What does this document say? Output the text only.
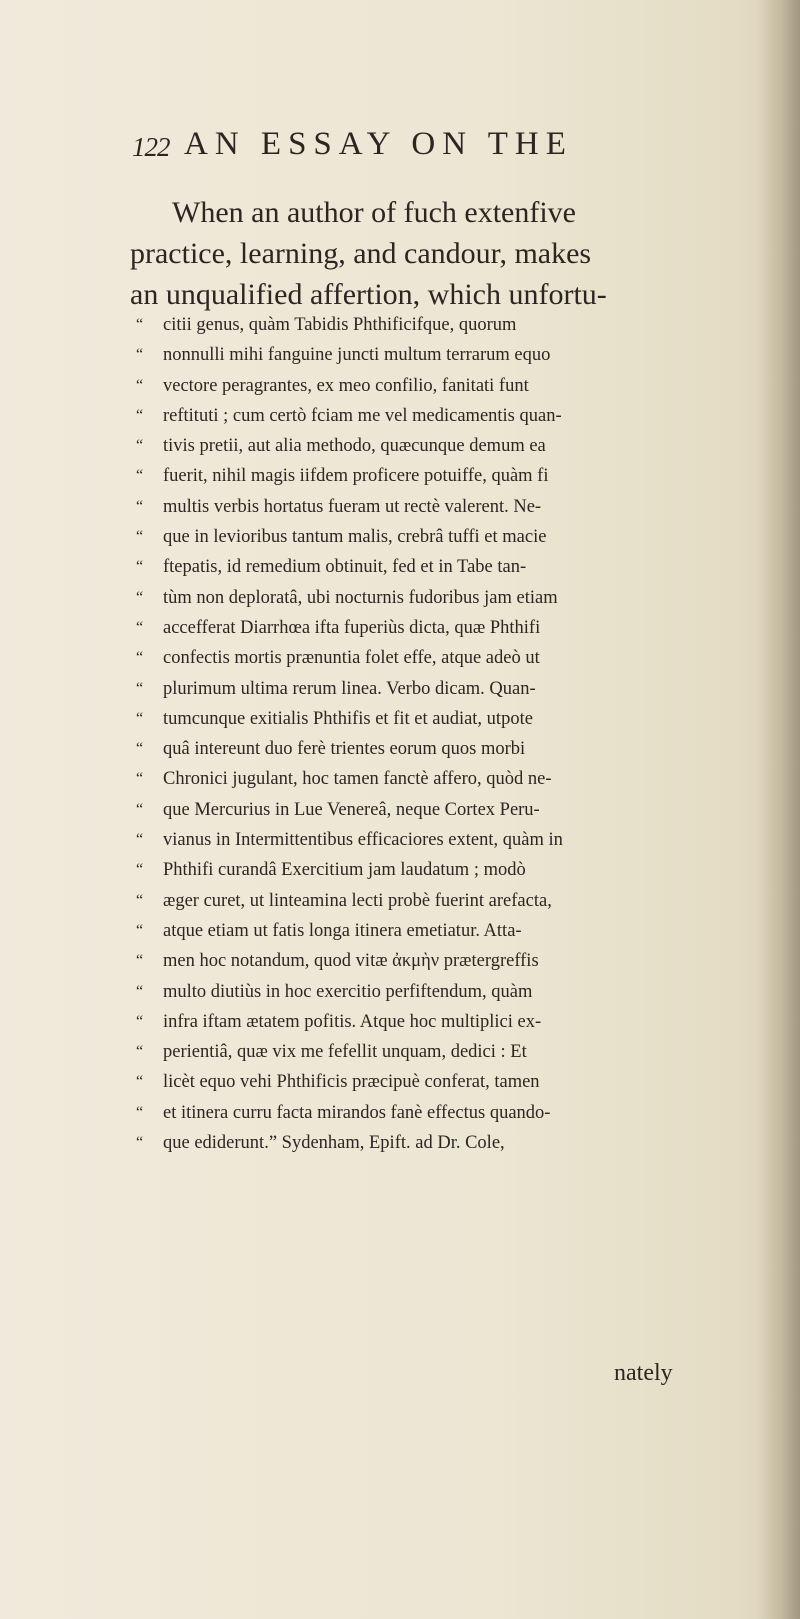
122 AN ESSAY ON THE
When an author of fuch extenfive
practice, learning, and candour, makes
an unqualified affertion, which unfortu-
“ citii genus, quàm Tabidis Phthificifque, quorum
“ nonnulli mihi fanguine juncti multum terrarum equo
“ vectore peragrantes, ex meo confilio, fanitati funt
“ reftituti ; cum certò fciam me vel medicamentis quan-
“ tivis pretii, aut alia methodo, quæcunque demum ea
“ fuerit, nihil magis iifdem proficere potuiffe, quàm fi
“ multis verbis hortatus fueram ut rectè valerent. Ne-
“ que in levioribus tantum malis, crebrâ tuffi et macie
“ ftepatis, id remedium obtinuit, fed et in Tabe tan-
“ tùm non deploratâ, ubi nocturnis fudoribus jam etiam
“ accefferat Diarrhœa ifta fuperiùs dicta, quæ Phthifi
“ confectis mortis prænuntia folet effe, atque adeò ut
“ plurimum ultima rerum linea. Verbo dicam. Quan-
“ tumcunque exitialis Phthifis et fit et audiat, utpote
“ quâ intereunt duo ferè trientes eorum quos morbi
“ Chronici jugulant, hoc tamen fanctè affero, quòd ne-
“ que Mercurius in Lue Venereâ, neque Cortex Peru-
“ vianus in Intermittentibus efficaciores extent, quàm in
“ Phthifi curandâ Exercitium jam laudatum ; modò
“ æger curet, ut linteamina lecti probè fuerint arefacta,
“ atque etiam ut fatis longa itinera emetiatur. Atta-
“ men hoc notandum, quod vitæ ἀκμὴν prætergreffis
“ multo diutiùs in hoc exercitio perfiftendum, quàm
“ infra iftam ætatem pofitis. Atque hoc multiplici ex-
“ perientiâ, quæ vix me fefellit unquam, dedici : Et
“ licèt equo vehi Phthificis præcipuè conferat, tamen
“ et itinera curru facta mirandos fanè effectus quando-
“ que ediderunt.” Sydenham, Epift. ad Dr. Cole,
nately
